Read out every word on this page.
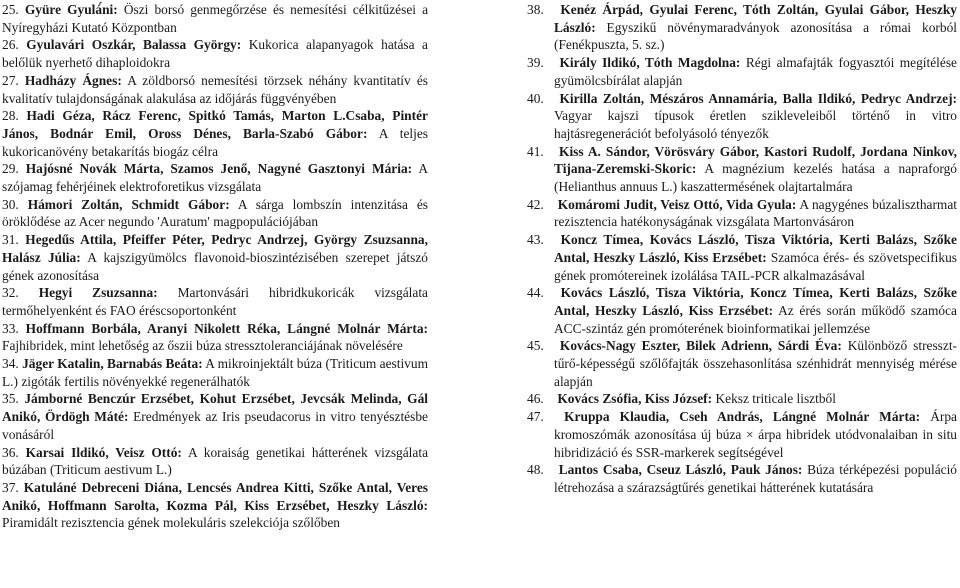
25. Gyüre Gyulá́ni: Öszi borsó genmegőrzése és nemesítési célkitűzései a Nyíregyházi Kutató Központban

26. Gyulavári Oszkár, Balassa György: Kukorica alapanyagok hatása a belőlük nyerhető dihaploidokra

27. Hadházy Ágnes: A zöldborsó nemesítési törzsek néhány kvantitatív és kvalitatív tulajdonságának alakulása az időjárás függvényében

28. Hadi Géza, Rácz Ferenc, Spitkó Tamás, Marton L.Csaba, Pintér János, Bodnár Emil, Oross Dénes, Barla-Szabó Gábor: A teljes kukoricanövény betakarítás biogáz célra

29. Hajósné Novák Márta, Szamos Jenő, Nagyné Gasztonyi Mária: A szójamag fehérjéinek elektroforetikus vizsgálata

30. Hámori Zoltán, Schmidt Gábor: A sárga lombszín intenzitása és öröklődése az Acer negundo 'Auratum' magpopulációjában

31. Hegedűs Attila, Pfeiffer Péter, Pedryc Andrzej, György Zsuzsanna, Halász Júlia: A kajszigyümölcs flavonoid-bioszintézisében szerepet játszó gének azonosítása

32. Hegyi Zsuzsanna: Martonvásári hibridkukoricák vizsgálata termőhelyenként és FAO éréscsoportonként

33. Hoffmann Borbála, Aranyi Nikolett Réka, Lángné Molnár Márta: Fajhibridek, mint lehetőség az ősziі búza stressztoleranciájának növelésére

34. Jäger Katalin, Barnabás Beáta: A mikroinjektált búza (Triticum aestivum L.) zigóták fertilis növényekké regenerálhatók

35. Jámborné Benczúr Erzsébet, Kohut Erzsébet, Jevcsák Melinda, Gál Anikó, Ördögh Máté: Eredmények az Iris pseudacorus in vitro tenyésztésbe vonásáról

36. Karsai Ildikó, Veisz Ottó: A koraiság genetikai hátterének vizsgálata búzában (Triticum aestivum L.)

37. Katuláné Debreceni Diána, Lencsés Andrea Kitti, Szőke Antal, Veres Anikó, Hoffmann Sarolta, Kozma Pál, Kiss Erzsébet, Heszky László: Piramidált rezisztencia gének molekuláris szelekciója szőlőben

38. Kenéz Árpád, Gyulai Ferenc, Tóth Zoltán, Gyulai Gábor, Heszky László: Egyszikű növénymaradványok azonosítása a római korból (Fenékpuszta, 5. sz.)

39. Király Ildikó, Tóth Magdolna: Régi almafajták fogyasztói megítélése gyümölcsbírálat alapján

40. Kirilla Zoltán, Mészáros Annamária, Balla Ildikó, Pedryc Andrzej: Vagyar kajszi típusok éretlen szikleveleiből történő in vitro hajtásregenerációt befolyásoló tényezők

41. Kiss A. Sándor, Vörösváry Gábor, Kastori Rudolf, Jordana Ninkov, Tijana-Zeremski-Skoric: A magnézium kezelés hatása a napraforgó (Helianthus annuus L.) kaszattermésének olajtartalmára

42. Komáromi Judit, Veisz Ottó, Vida Gyula: A nagygénes búzalisztharmat rezisztencia hatékonyságának vizsgálata Martonvásáron

43. Koncz Tímea, Kovács László, Tisza Viktória, Kerti Balázs, Szőke Antal, Heszky László, Kiss Erzsébet: Szamóca érés- és szövetspecifikus gének promótereinek izolálása TAIL-PCR alkalmazásával

44. Kovács László, Tisza Viktória, Koncz Tímea, Kerti Balázs, Szőke Antal, Heszky László, Kiss Erzsébet: Az érés során működő szamóca ACC-szintáz gén promóterének bioinformatikai jellemzése

45. Kovács-Nagy Eszter, Bilek Adrienn, Sárdi Éva: Különböző stresszt-tűrő-képességű szőlőfajták összehasonlítása szénhidrát mennyiség mérése alapján

46. Kovács Zsófia, Kiss József: Keksz triticale lisztből

47. Kruppa Klaudia, Cseh András, Lángné Molnár Márta: Árpa kromoszómák azonosítása új búza × árpa hibridek utódvonalaiban in situ hibridizáció és SSR-markerek segítségével

48. Lantos Csaba, Cseuz László, Pauk János: Búza térképezési populáció létrehozása a szárazságtűrés genetikai hátterének kutatására
